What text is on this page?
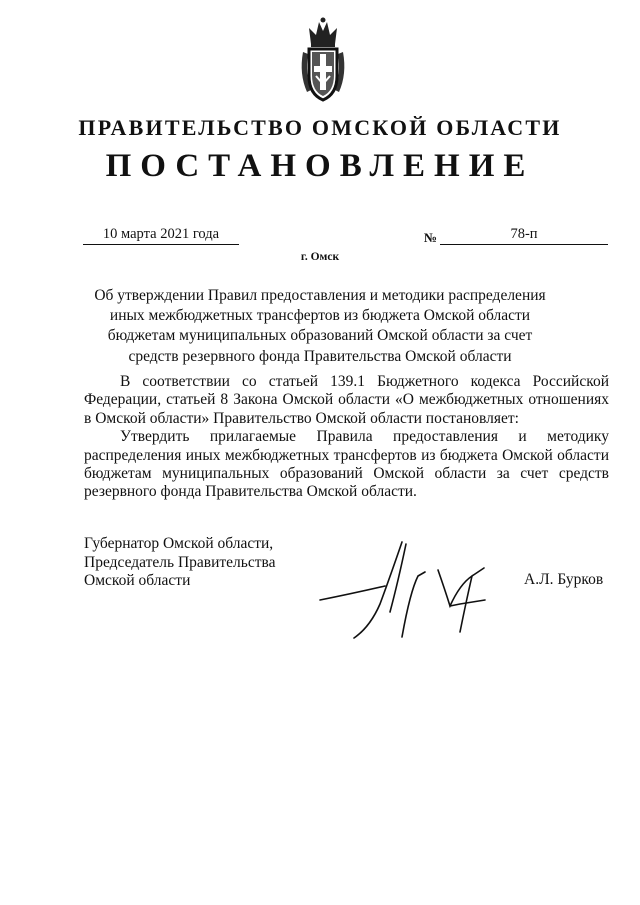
ПРАВИТЕЛЬСТВО ОМСКОЙ ОБЛАСТИ
ПОСТАНОВЛЕНИЕ
10 марта 2021 года	№	78-п
г. Омск
Об утверждении Правил предоставления и методики распределения иных межбюджетных трансфертов из бюджета Омской области бюджетам муниципальных образований Омской области за счет средств резервного фонда Правительства Омской области

В соответствии со статьей 139.1 Бюджетного кодекса Российской Федерации, статьей 8 Закона Омской области «О межбюджетных отношениях в Омской области» Правительство Омской области постановляет:

Утвердить прилагаемые Правила предоставления и методику распределения иных межбюджетных трансфертов из бюджета Омской области бюджетам муниципальных образований Омской области за счет средств резервного фонда Правительства Омской области.

Губернатор Омской области,
Председатель Правительства
Омской области	А.Л. Бурков
